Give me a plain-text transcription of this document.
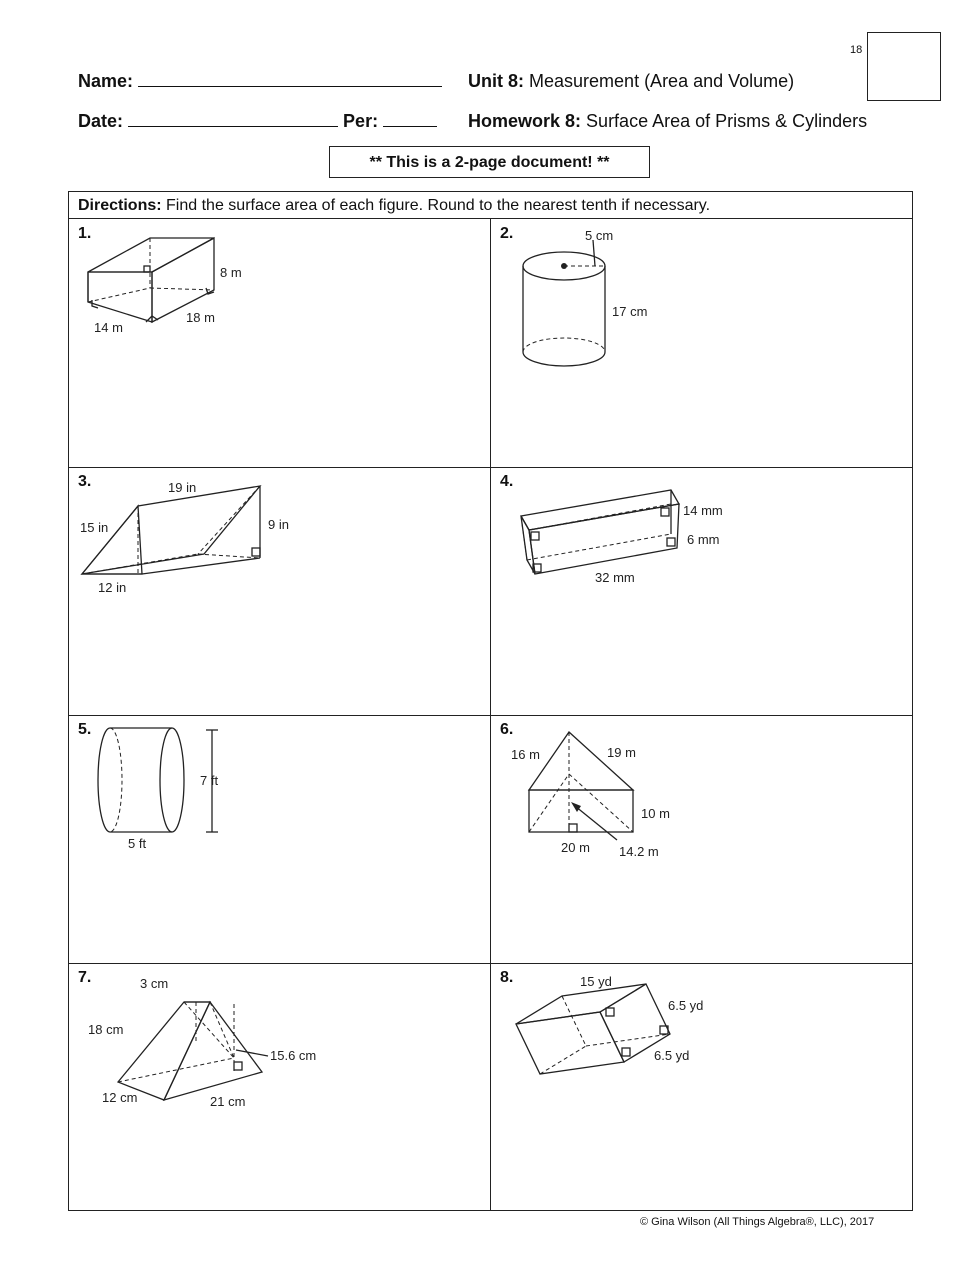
18
Name:
Date:	Per:
Unit 8: Measurement (Area and Volume)
Homework 8: Surface Area of Prisms & Cylinders
** This is a 2-page document! **
Directions: Find the surface area of each figure. Round to the nearest tenth if necessary.
1.	2.
3.	4.
5.	6.
7.	8.
8 m
18 m
14 m
5 cm
17 cm
19 in
15 in	9 in
12 in
14 mm
6 mm
32 mm
7 ft
5 ft
16 m	19 m
10 m
20 m 14.2 m
3 cm
18 cm
15.6 cm
12 cm	21 cm
15 yd
6.5 yd
6.5 yd
© Gina Wilson (All Things Algebra®, LLC), 2017
